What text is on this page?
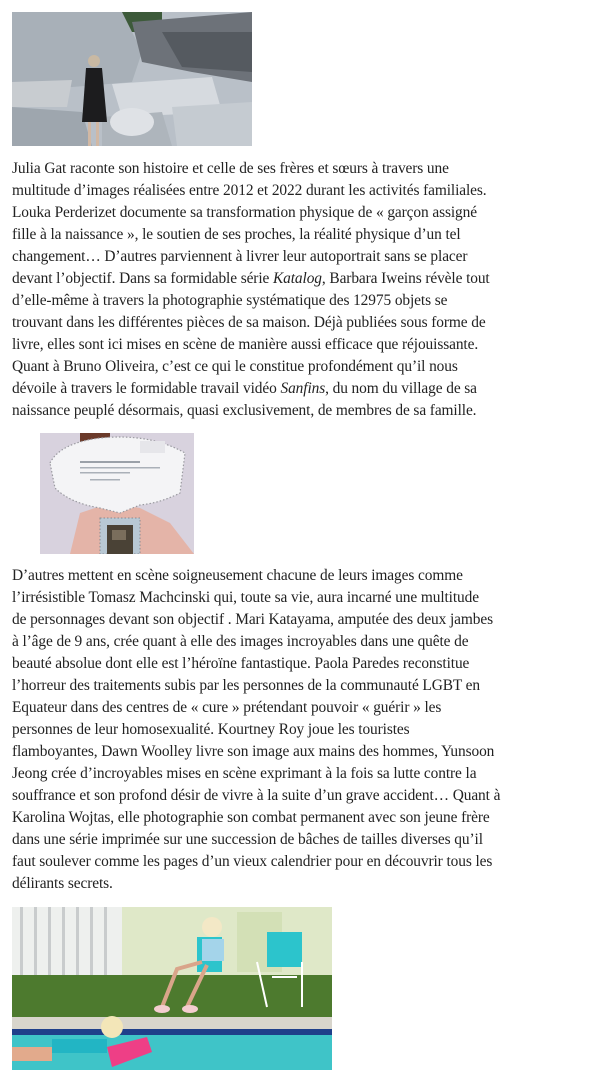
Julia Gat raconte son histoire et celle de ses frères et sœurs à travers une
multitude d’images réalisées entre 2012 et 2022 durant les activités familiales.
Louka Perderizet documente sa transformation physique de « garçon assigné
fille à la naissance », le soutien de ses proches, la réalité physique d’un tel
changement… D’autres parviennent à livrer leur autoportrait sans se placer
devant l’objectif. Dans sa formidable série Katalog, Barbara Iweins révèle tout
d’elle-même à travers la photographie systématique des 12975 objets se
trouvant dans les différentes pièces de sa maison. Déjà publiées sous forme de
livre, elles sont ici mises en scène de manière aussi efficace que réjouissante.
Quant à Bruno Oliveira, c’est ce qui le constitue profondément qu’il nous
dévoile à travers le formidable travail vidéo Sanfins, du nom du village de sa
naissance peuplé désormais, quasi exclusivement, de membres de sa famille.

D’autres mettent en scène soigneusement chacune de leurs images comme
l’irrésistible Tomasz Machcinski qui, toute sa vie, aura incarné une multitude
de personnages devant son objectif . Mari Katayama, amputée des deux jambes
à l’âge de 9 ans, crée quant à elle des images incroyables dans une quête de
beauté absolue dont elle est l’héroïne fantastique. Paola Paredes reconstitue
l’horreur des traitements subis par les personnes de la communauté LGBT en
Equateur dans des centres de « cure » prétendant pouvoir « guérir » les
personnes de leur homosexualité. Kourtney Roy joue les touristes
flamboyantes, Dawn Woolley livre son image aux mains des hommes, Yunsoon
Jeong crée d’incroyables mises en scène exprimant à la fois sa lutte contre la
souffrance et son profond désir de vivre à la suite d’un grave accident… Quant à
Karolina Wojtas, elle photographie son combat permanent avec son jeune frère
dans une série imprimée sur une succession de bâches de tailles diverses qu’il
faut soulever comme les pages d’un vieux calendrier pour en découvrir tous les
délirants secrets.
